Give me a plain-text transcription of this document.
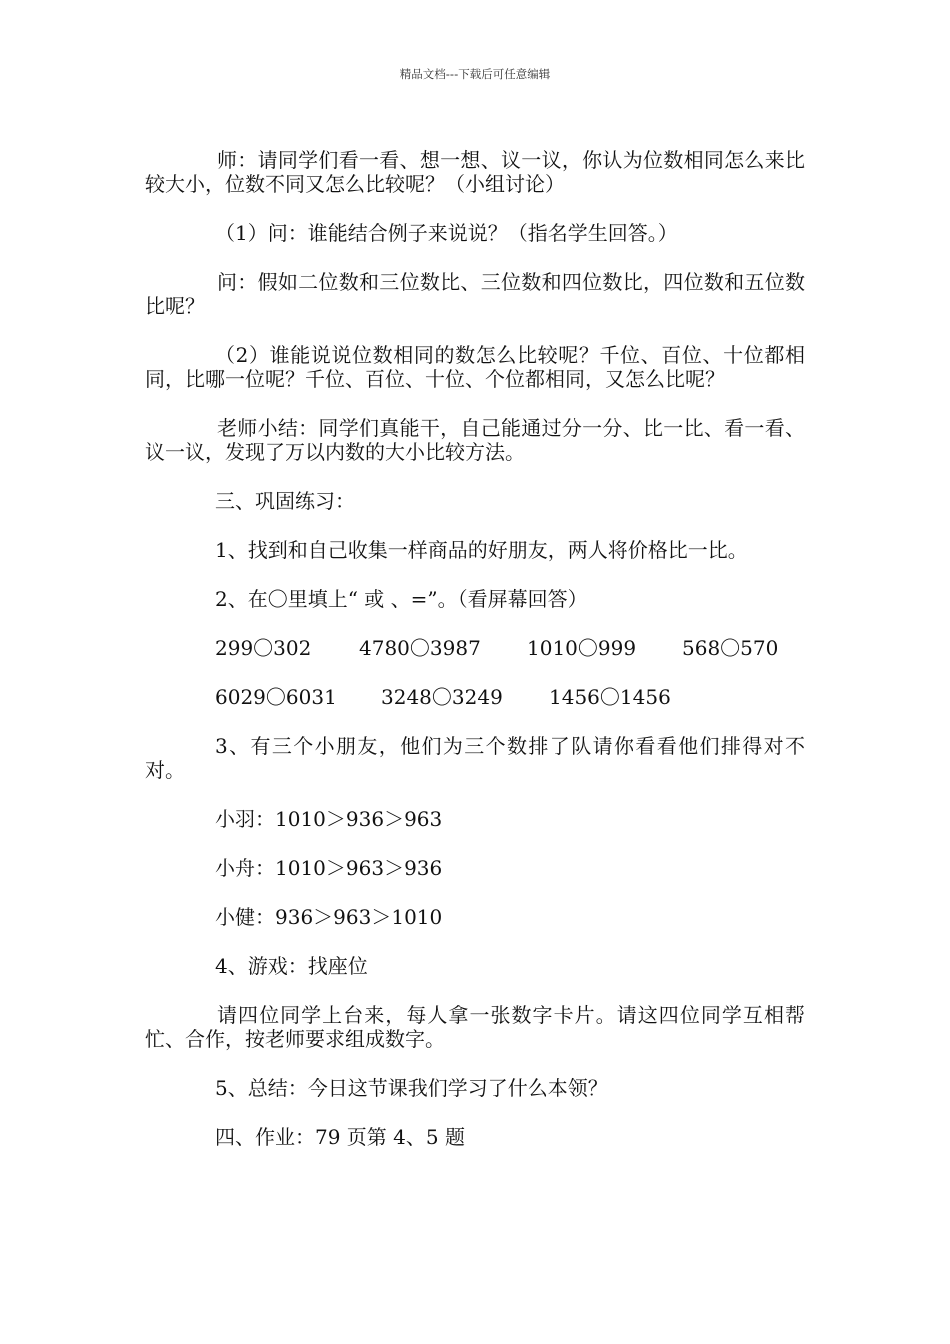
精品文档---下载后可任意编辑

师：请同学们看一看、想一想、议一议，你认为位数相同怎么来比较大小，位数不同又怎么比较呢？（小组讨论）

（1）问：谁能结合例子来说说？（指名学生回答。）

问：假如二位数和三位数比、三位数和四位数比，四位数和五位数比呢？

（2）谁能说说位数相同的数怎么比较呢？千位、百位、十位都相同，比哪一位呢？千位、百位、十位、个位都相同，又怎么比呢？

老师小结：同学们真能干，自己能通过分一分、比一比、看一看、议一议，发现了万以内数的大小比较方法。

三、巩固练习：

1、找到和自己收集一样商品的好朋友，两人将价格比一比。

2、在〇里填上“ 或 、=”。（看屏幕回答）

299〇302	4780〇3987	1010〇999	568〇570
6029〇6031	3248〇3249	1456〇1456

3、有三个小朋友，他们为三个数排了队请你看看他们排得对不对。

小羽：1010＞936＞963

小舟：1010＞963＞936

小健：936＞963＞1010

4、游戏：找座位

请四位同学上台来，每人拿一张数字卡片。请这四位同学互相帮忙、合作，按老师要求组成数字。

5、总结：今日这节课我们学习了什么本领？

四、作业：79 页第 4、5 题
